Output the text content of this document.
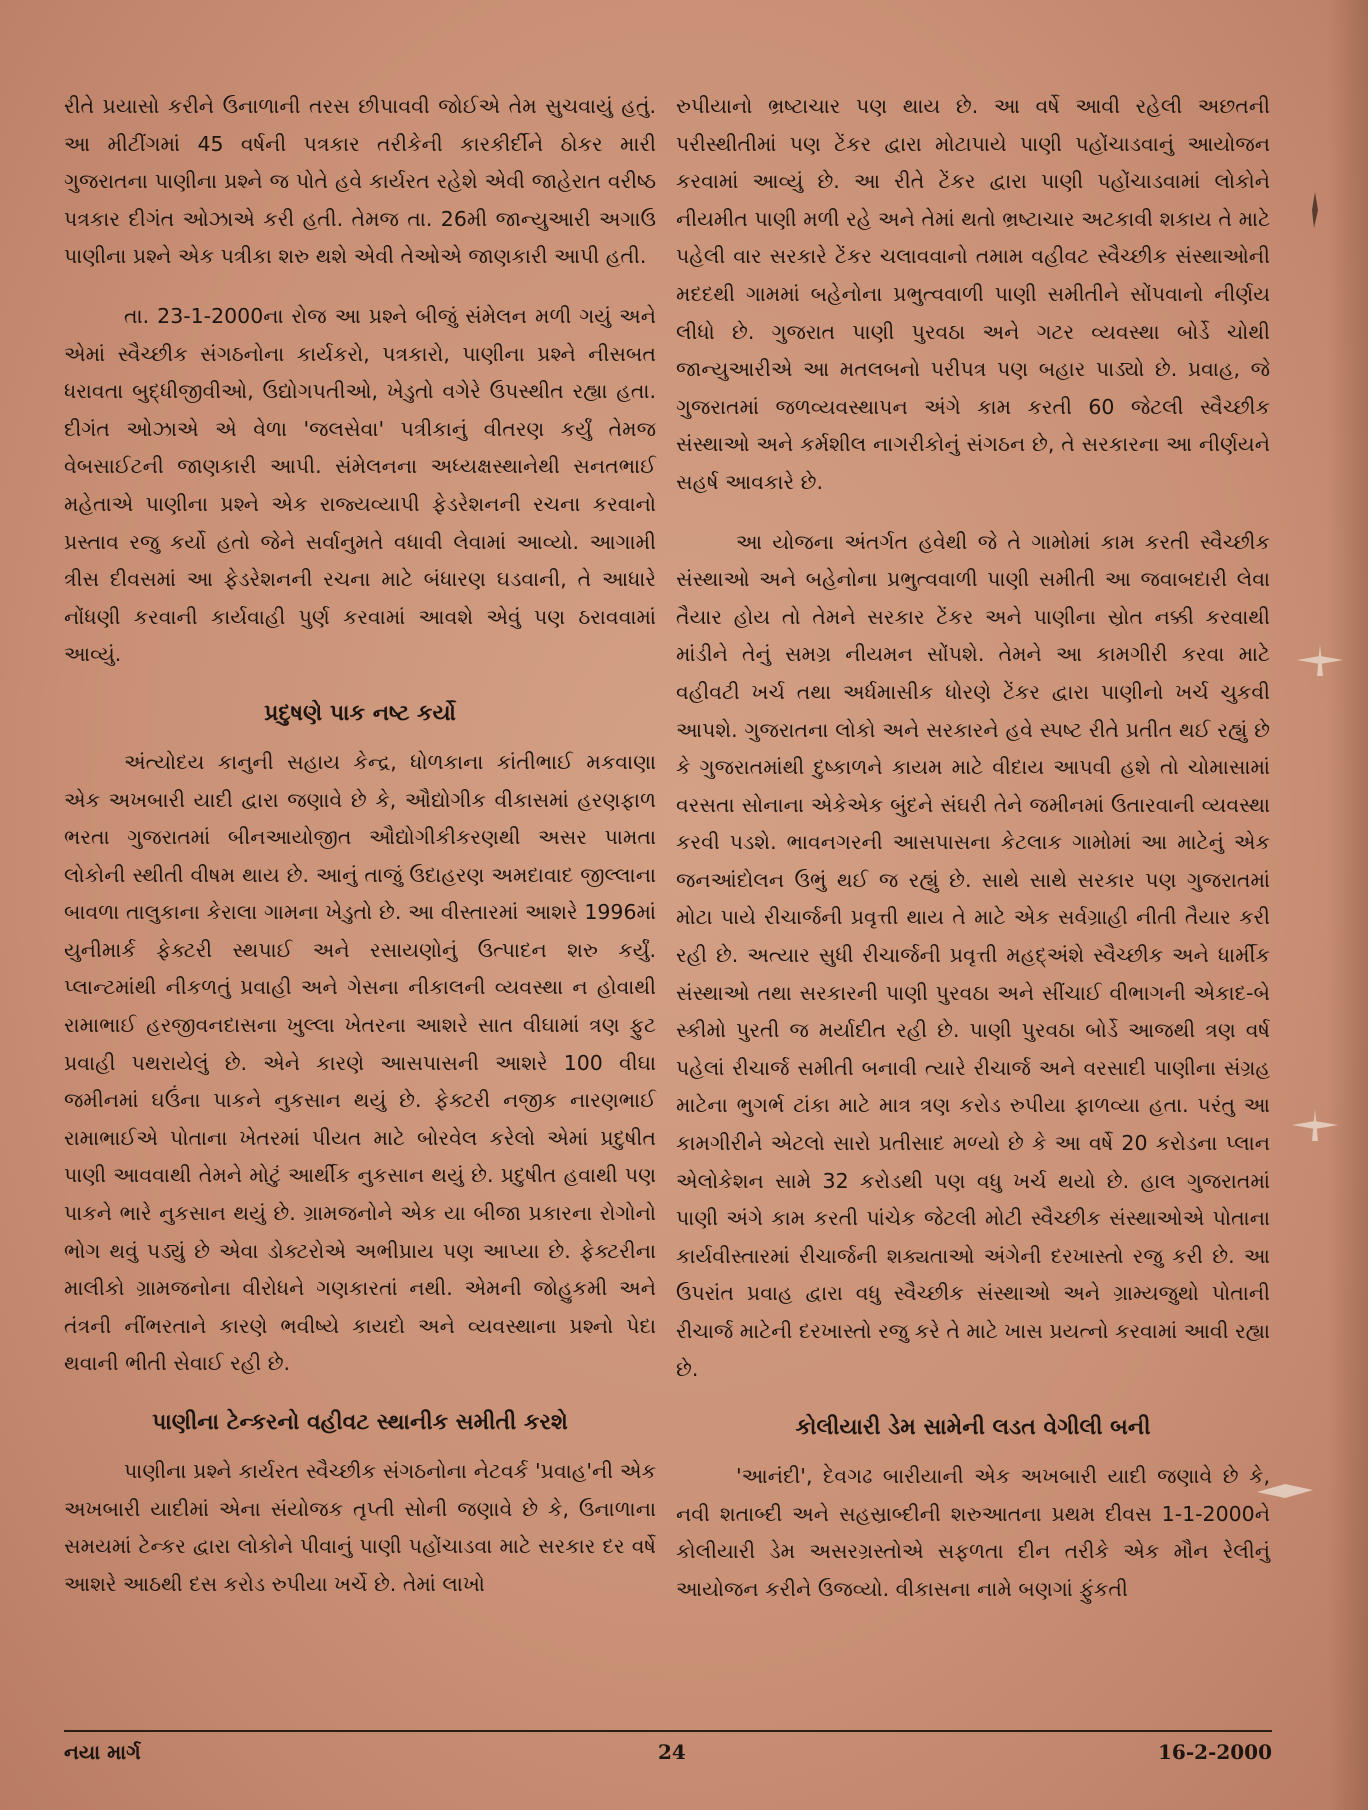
રીતે પ્રયાસો કરીને ઉનાળાની તરસ છીપાવવી જોઈએ તેમ સુચવાયું હતું. આ મીટીંગમાં 45 વર્ષની પત્રકાર તરીકેની કારકીર્દીને ઠોકર મારી ગુજરાતના પાણીના પ્રશ્ને જ પોતે હવે કાર્યરત રહેશે એવી જાહેરાત વરીષ્ઠ પત્રકાર દીગંત ઓઝાએ કરી હતી. તેમજ તા. 26મી જાન્યુઆરી અગાઉ પાણીના પ્રશ્ને એક પત્રીકા શરુ થશે એવી તેઓએ જાણકારી આપી હતી.

તા. 23-1-2000ના રોજ આ પ્રશ્ને બીજું સંમેલન મળી ગયું અને એમાં સ્વૈચ્છીક સંગઠનોના કાર્યકરો, પત્રકારો, પાણીના પ્રશ્ને નીસબત ધરાવતા બુદ્ધીજીવીઓ, ઉદ્યોગપતીઓ, ખેડુતો વગેરે ઉપસ્થીત રહ્યા હતા. દીગંત ઓઝાએ એ વેળા 'જલસેવા' પત્રીકાનું વીતરણ કર્યું તેમજ વેબસાઈટની જાણકારી આપી. સંમેલનના અધ્યક્ષસ્થાનેથી સનતભાઈ મહેતાએ પાણીના પ્રશ્ને એક રાજ્યવ્યાપી ફેડરેશનની રચના કરવાનો પ્રસ્તાવ રજુ કર્યો હતો જેને સર્વાનુમતે વધાવી લેવામાં આવ્યો. આગામી ત્રીસ દીવસમાં આ ફેડરેશનની રચના માટે બંધારણ ઘડવાની, તે આધારે નોંધણી કરવાની કાર્યવાહી પુર્ણ કરવામાં આવશે એવું પણ ઠરાવવામાં આવ્યું.

પ્રદુષણે પાક નષ્ટ કર્યો

અંત્યોદય કાનુની સહાય કેન્દ્ર, ધોળકાના કાંતીભાઈ મકવાણા એક અખબારી યાદી દ્વારા જણાવે છે કે, ઔદ્યોગીક વીકાસમાં હરણફાળ ભરતા ગુજરાતમાં બીનઆયોજીત ઔદ્યોગીકીકરણથી અસર પામતા લોકોની સ્થીતી વીષમ થાય છે. આનું તાજું ઉદાહરણ અમદાવાદ જીલ્લાના બાવળા તાલુકાના કેરાલા ગામના ખેડુતો છે. આ વીસ્તારમાં આશરે 1996માં યુનીમાર્ક ફેક્ટરી સ્થપાઈ અને રસાયણોનું ઉત્પાદન શરુ કર્યું. પ્લાન્ટમાંથી નીકળતું પ્રવાહી અને ગેસના નીકાલની વ્યવસ્થા ન હોવાથી રામાભાઈ હરજીવનદાસના ખુલ્લા ખેતરના આશરે સાત વીઘામાં ત્રણ ફુટ પ્રવાહી પથરાયેલું છે. એને કારણે આસપાસની આશરે 100 વીઘા જમીનમાં ઘઉંના પાકને નુકસાન થયું છે. ફેક્ટરી નજીક નારણભાઈ રામાભાઈએ પોતાના ખેતરમાં પીયત માટે બોરવેલ કરેલો એમાં પ્રદુષીત પાણી આવવાથી તેમને મોટું આર્થીક નુકસાન થયું છે. પ્રદુષીત હવાથી પણ પાકને ભારે નુકસાન થયું છે. ગ્રામજનોને એક યા બીજા પ્રકારના રોગોનો ભોગ થવું પડ્યું છે એવા ડોક્ટરોએ અભીપ્રાય પણ આપ્યા છે. ફેક્ટરીના માલીકો ગ્રામજનોના વીરોધને ગણકારતાં નથી. એમની જોહુકમી અને તંત્રની નીંભરતાને કારણે ભવીષ્યે કાયદો અને વ્યવસ્થાના પ્રશ્નો પેદા થવાની ભીતી સેવાઈ રહી છે.

પાણીના ટેન્કરનો વહીવટ સ્થાનીક સમીતી કરશે

પાણીના પ્રશ્ને કાર્યરત સ્વૈચ્છીક સંગઠનોના નેટવર્ક 'પ્રવાહ'ની એક અખબારી યાદીમાં એના સંયોજક તૃપ્તી સોની જણાવે છે કે, ઉનાળાના સમયમાં ટેન્કર દ્વારા લોકોને પીવાનું પાણી પહોંચાડવા માટે સરકાર દર વર્ષે આશરે આઠથી દસ કરોડ રુપીયા ખર્ચે છે. તેમાં લાખો

રુપીયાનો ભ્રષ્ટાચાર પણ થાય છે. આ વર્ષે આવી રહેલી અછતની પરીસ્થીતીમાં પણ ટેંકર દ્વારા મોટાપાયે પાણી પહોંચાડવાનું આયોજન કરવામાં આવ્યું છે. આ રીતે ટેંકર દ્વારા પાણી પહોંચાડવામાં લોકોને નીયમીત પાણી મળી રહે અને તેમાં થતો ભ્રષ્ટાચાર અટકાવી શકાય તે માટે પહેલી વાર સરકારે ટેંકર ચલાવવાનો તમામ વહીવટ સ્વૈચ્છીક સંસ્થાઓની મદદથી ગામમાં બહેનોના પ્રભુત્વવાળી પાણી સમીતીને સોંપવાનો નીર્ણય લીધો છે. ગુજરાત પાણી પુરવઠા અને ગટર વ્યવસ્થા બોર્ડે ચોથી જાન્યુઆરીએ આ મતલબનો પરીપત્ર પણ બહાર પાડ્યો છે. પ્રવાહ, જે ગુજરાતમાં જળવ્યવસ્થાપન અંગે કામ કરતી 60 જેટલી સ્વૈચ્છીક સંસ્થાઓ અને કર્મશીલ નાગરીકોનું સંગઠન છે, તે સરકારના આ નીર્ણયને સહર્ષ આવકારે છે.

આ યોજના અંતર્ગત હવેથી જે તે ગામોમાં કામ કરતી સ્વૈચ્છીક સંસ્થાઓ અને બહેનોના પ્રભુત્વવાળી પાણી સમીતી આ જવાબદારી લેવા તૈયાર હોય તો તેમને સરકાર ટેંકર અને પાણીના સ્રોત નક્કી કરવાથી માંડીને તેનું સમગ્ર નીયમન સોંપશે. તેમને આ કામગીરી કરવા માટે વહીવટી ખર્ચ તથા અર્ધમાસીક ધોરણે ટેંકર દ્વારા પાણીનો ખર્ચ ચુકવી આપશે. ગુજરાતના લોકો અને સરકારને હવે સ્પષ્ટ રીતે પ્રતીત થઈ રહ્યું છે કે ગુજરાતમાંથી દુષ્કાળને કાયમ માટે વીદાય આપવી હશે તો ચોમાસામાં વરસતા સોનાના એકેએક બુંદને સંઘરી તેને જમીનમાં ઉતારવાની વ્યવસ્થા કરવી પડશે. ભાવનગરની આસપાસના કેટલાક ગામોમાં આ માટેનું એક જનઆંદોલન ઉભું થઈ જ રહ્યું છે. સાથે સાથે સરકાર પણ ગુજરાતમાં મોટા પાયે રીચાર્જની પ્રવૃત્તી થાય તે માટે એક સર્વગ્રાહી નીતી તૈયાર કરી રહી છે. અત્યાર સુધી રીચાર્જની પ્રવૃત્તી મહદ્અંશે સ્વૈચ્છીક અને ધાર્મીક સંસ્થાઓ તથા સરકારની પાણી પુરવઠા અને સીંચાઈ વીભાગની એકાદ-બે સ્કીમો પુરતી જ મર્યાદીત રહી છે. પાણી પુરવઠા બોર્ડે આજથી ત્રણ વર્ષ પહેલાં રીચાર્જ સમીતી બનાવી ત્યારે રીચાર્જ અને વરસાદી પાણીના સંગ્રહ માટેના ભુગર્ભ ટાંકા માટે માત્ર ત્રણ કરોડ રુપીયા ફાળવ્યા હતા. પરંતુ આ કામગીરીને એટલો સારો પ્રતીસાદ મળ્યો છે કે આ વર્ષે 20 કરોડના પ્લાન એલોકેશન સામે 32 કરોડથી પણ વધુ ખર્ચ થયો છે. હાલ ગુજરાતમાં પાણી અંગે કામ કરતી પાંચેક જેટલી મોટી સ્વૈચ્છીક સંસ્થાઓએ પોતાના કાર્યવીસ્તારમાં રીચાર્જની શક્યતાઓ અંગેની દરખાસ્તો રજુ કરી છે. આ ઉપરાંત પ્રવાહ દ્વારા વધુ સ્વૈચ્છીક સંસ્થાઓ અને ગ્રામ્યજુથો પોતાની રીચાર્જ માટેની દરખાસ્તો રજુ કરે તે માટે ખાસ પ્રયત્નો કરવામાં આવી રહ્યા છે.

કોલીયારી ડેમ સામેની લડત વેગીલી બની

'આનંદી', દેવગઢ બારીયાની એક અખબારી યાદી જણાવે છે કે, નવી શતાબ્દી અને સહસ્રાબ્દીની શરુઆતના પ્રથમ દીવસ 1-1-2000ને કોલીયારી ડેમ અસરગ્રસ્તોએ સફળતા દીન તરીકે એક મૌન રેલીનું આયોજન કરીને ઉજવ્યો. વીકાસના નામે બણગાં ફુંકતી

નયા માર્ગ	24	16-2-2000
